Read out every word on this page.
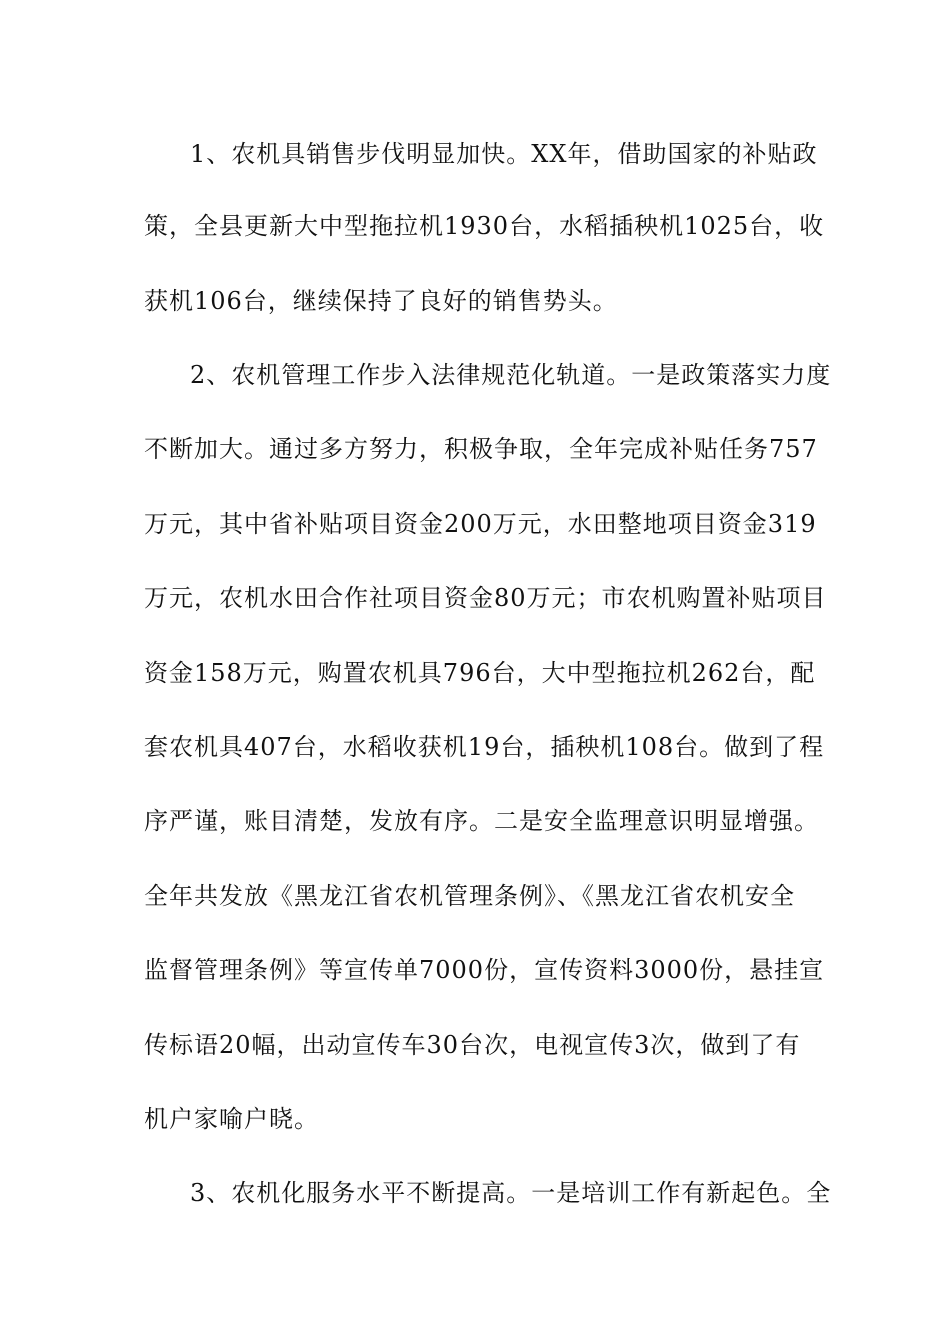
1、农机具销售步伐明显加快。XX年，借助国家的补贴政
策，全县更新大中型拖拉机1930台，水稻插秧机1025台，收
获机106台，继续保持了良好的销售势头。
2、农机管理工作步入法律规范化轨道。一是政策落实力度
不断加大。通过多方努力，积极争取，全年完成补贴任务757
万元，其中省补贴项目资金200万元，水田整地项目资金319
万元，农机水田合作社项目资金80万元；市农机购置补贴项目
资金158万元，购置农机具796台，大中型拖拉机262台，配
套农机具407台，水稻收获机19台，插秧机108台。做到了程
序严谨，账目清楚，发放有序。二是安全监理意识明显增强。
全年共发放《黑龙江省农机管理条例》、《黑龙江省农机安全
监督管理条例》等宣传单7000份，宣传资料3000份，悬挂宣
传标语20幅，出动宣传车30台次，电视宣传3次，做到了有
机户家喻户晓。
3、农机化服务水平不断提高。一是培训工作有新起色。全
